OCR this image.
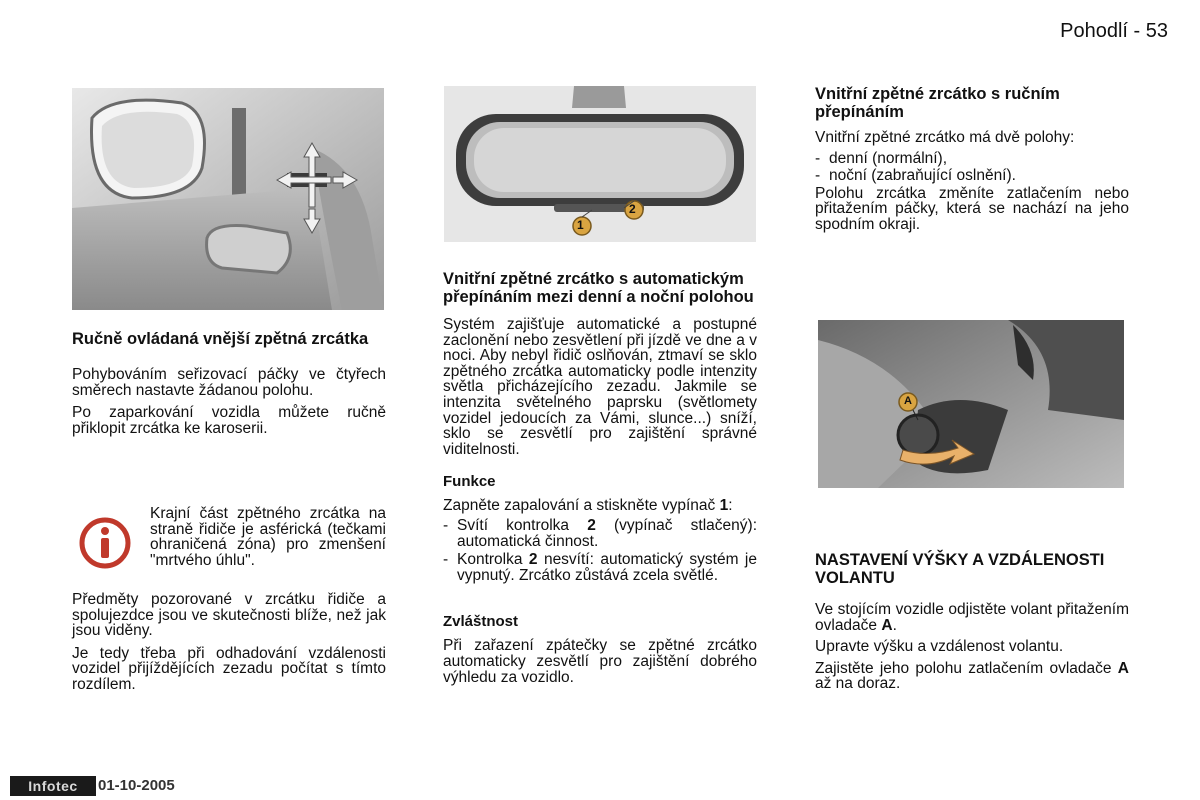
Pohodlí - 53
Ručně ovládaná vnější zpětná zrcátka

Pohybováním seřizovací páčky ve čtyřech směrech nastavte žádanou polohu.

Po zaparkování vozidla můžete ručně přiklopit zrcátka ke karoserii.

Krajní část zpětného zrcátka na straně řidiče je asférická (tečkami ohraničená zóna) pro zmenšení "mrtvého úhlu".

Předměty pozorované v zrcátku řidiče a spolujezdce jsou ve skutečnosti blíže, než jak jsou viděny.

Je tedy třeba při odhadování vzdálenosti vozidel přijíždějících zezadu počítat s tímto rozdílem.

1
2
Vnitřní zpětné zrcátko s automatickým přepínáním mezi denní a noční polohou

Systém zajišťuje automatické a postupné zaclonění nebo zesvětlení při jízdě ve dne a v noci. Aby nebyl řidič oslňován, ztmaví se sklo zpětného zrcátka automaticky podle intenzity světla přicházejícího zezadu. Jakmile se intenzita světelného paprsku (světlomety vozidel jedoucích za Vámi, slunce...) sníží, sklo se zesvětlí pro zajištění správné viditelnosti.

Funkce

Zapněte zapalování a stiskněte vypínač 1:

- Svítí kontrolka 2 (vypínač stlačený): automatická činnost.
- Kontrolka 2 nesvítí: automatický systém je vypnutý. Zrcátko zůstává zcela světlé.
Zvláštnost

Při zařazení zpátečky se zpětné zrcátko automaticky zesvětlí pro zajištění dobrého výhledu za vozidlo.

Vnitřní zpětné zrcátko s ručním přepínáním

Vnitřní zpětné zrcátko má dvě polohy:

- denní (normální),
- noční (zabraňující oslnění).

Polohu zrcátka změníte zatlačením nebo přitažením páčky, která se nachází na jeho spodním okraji.

A
NASTAVENÍ VÝŠKY A VZDÁLENOSTI VOLANTU

Ve stojícím vozidle odjistěte volant přitažením ovladače A.

Upravte výšku a vzdálenost volantu.

Zajistěte jeho polohu zatlačením ovladače A až na doraz.

Infotec	01-10-2005
